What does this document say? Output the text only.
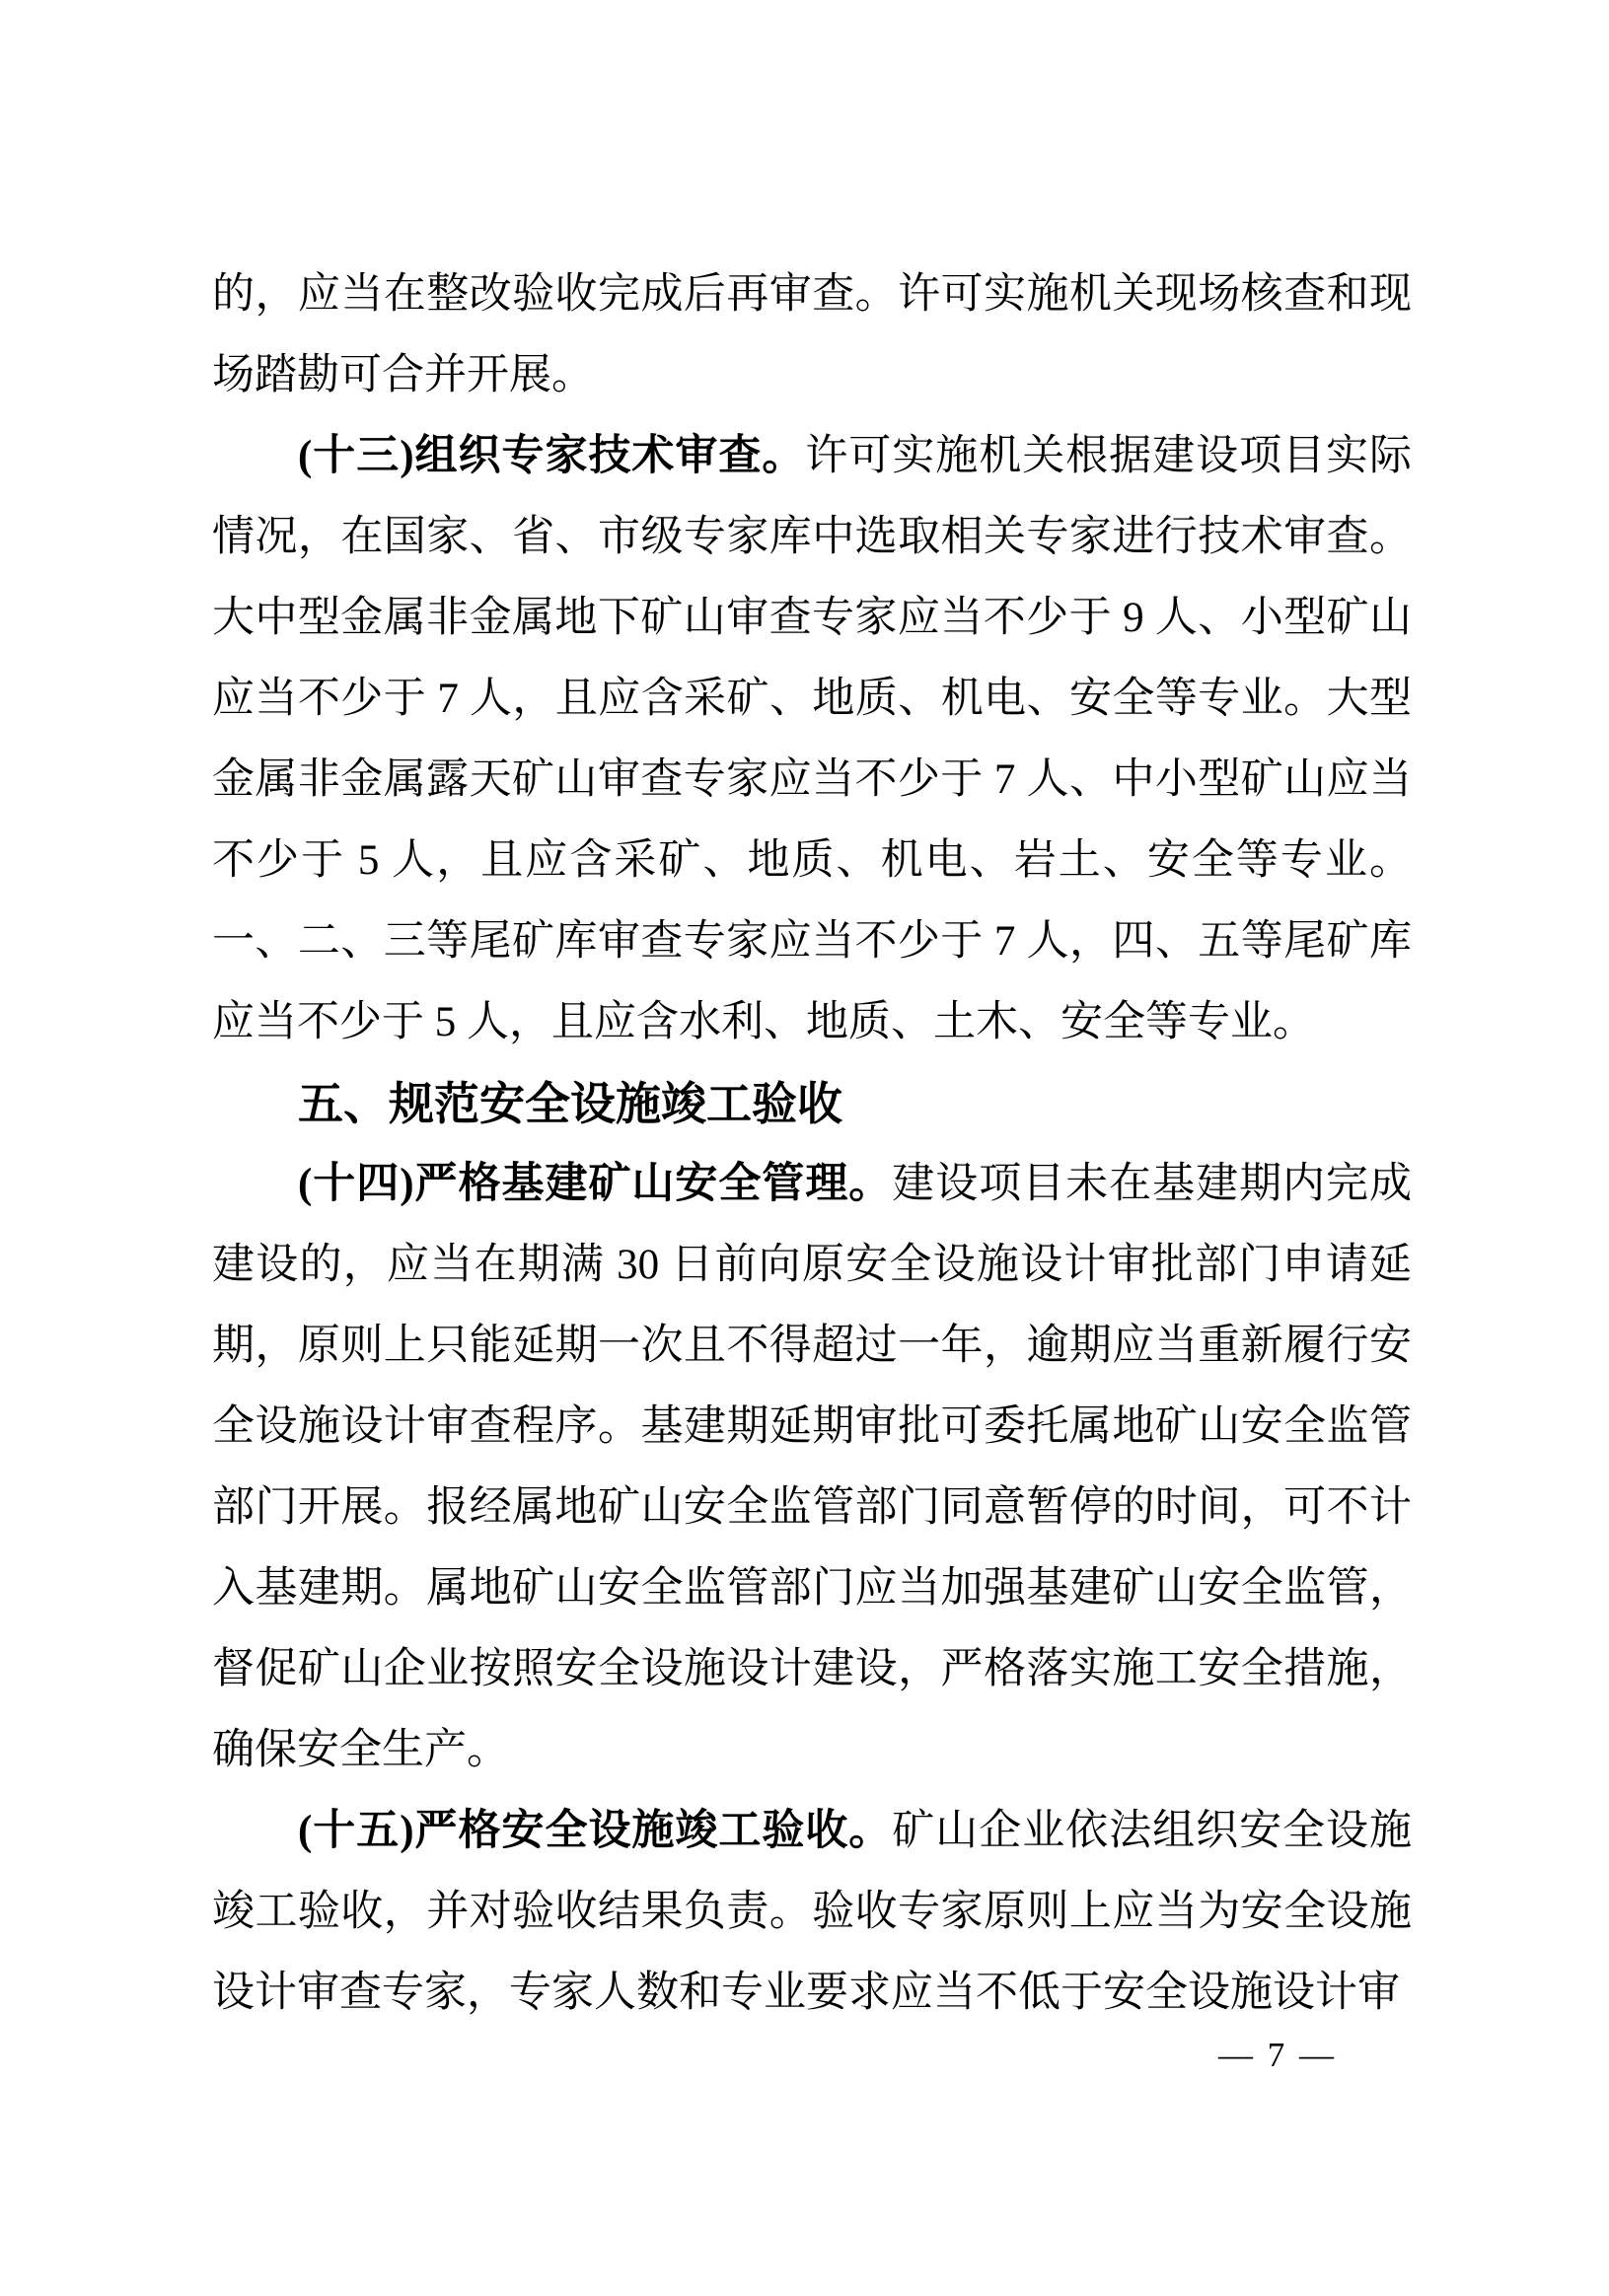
的，应当在整改验收完成后再审查。许可实施机关现场核查和现场踏勘可合并开展。

(十三)组织专家技术审查。许可实施机关根据建设项目实际情况，在国家、省、市级专家库中选取相关专家进行技术审查。大中型金属非金属地下矿山审查专家应当不少于 9 人、小型矿山应当不少于 7 人，且应含采矿、地质、机电、安全等专业。大型金属非金属露天矿山审查专家应当不少于 7 人、中小型矿山应当不少于 5 人，且应含采矿、地质、机电、岩土、安全等专业。一、二、三等尾矿库审查专家应当不少于 7 人，四、五等尾矿库应当不少于 5 人，且应含水利、地质、土木、安全等专业。

五、规范安全设施竣工验收

(十四)严格基建矿山安全管理。建设项目未在基建期内完成建设的，应当在期满 30 日前向原安全设施设计审批部门申请延期，原则上只能延期一次且不得超过一年，逾期应当重新履行安全设施设计审查程序。基建期延期审批可委托属地矿山安全监管部门开展。报经属地矿山安全监管部门同意暂停的时间，可不计入基建期。属地矿山安全监管部门应当加强基建矿山安全监管，督促矿山企业按照安全设施设计建设，严格落实施工安全措施，确保安全生产。

(十五)严格安全设施竣工验收。矿山企业依法组织安全设施竣工验收，并对验收结果负责。验收专家原则上应当为安全设施设计审查专家，专家人数和专业要求应当不低于安全设施设计审

— 7 —
